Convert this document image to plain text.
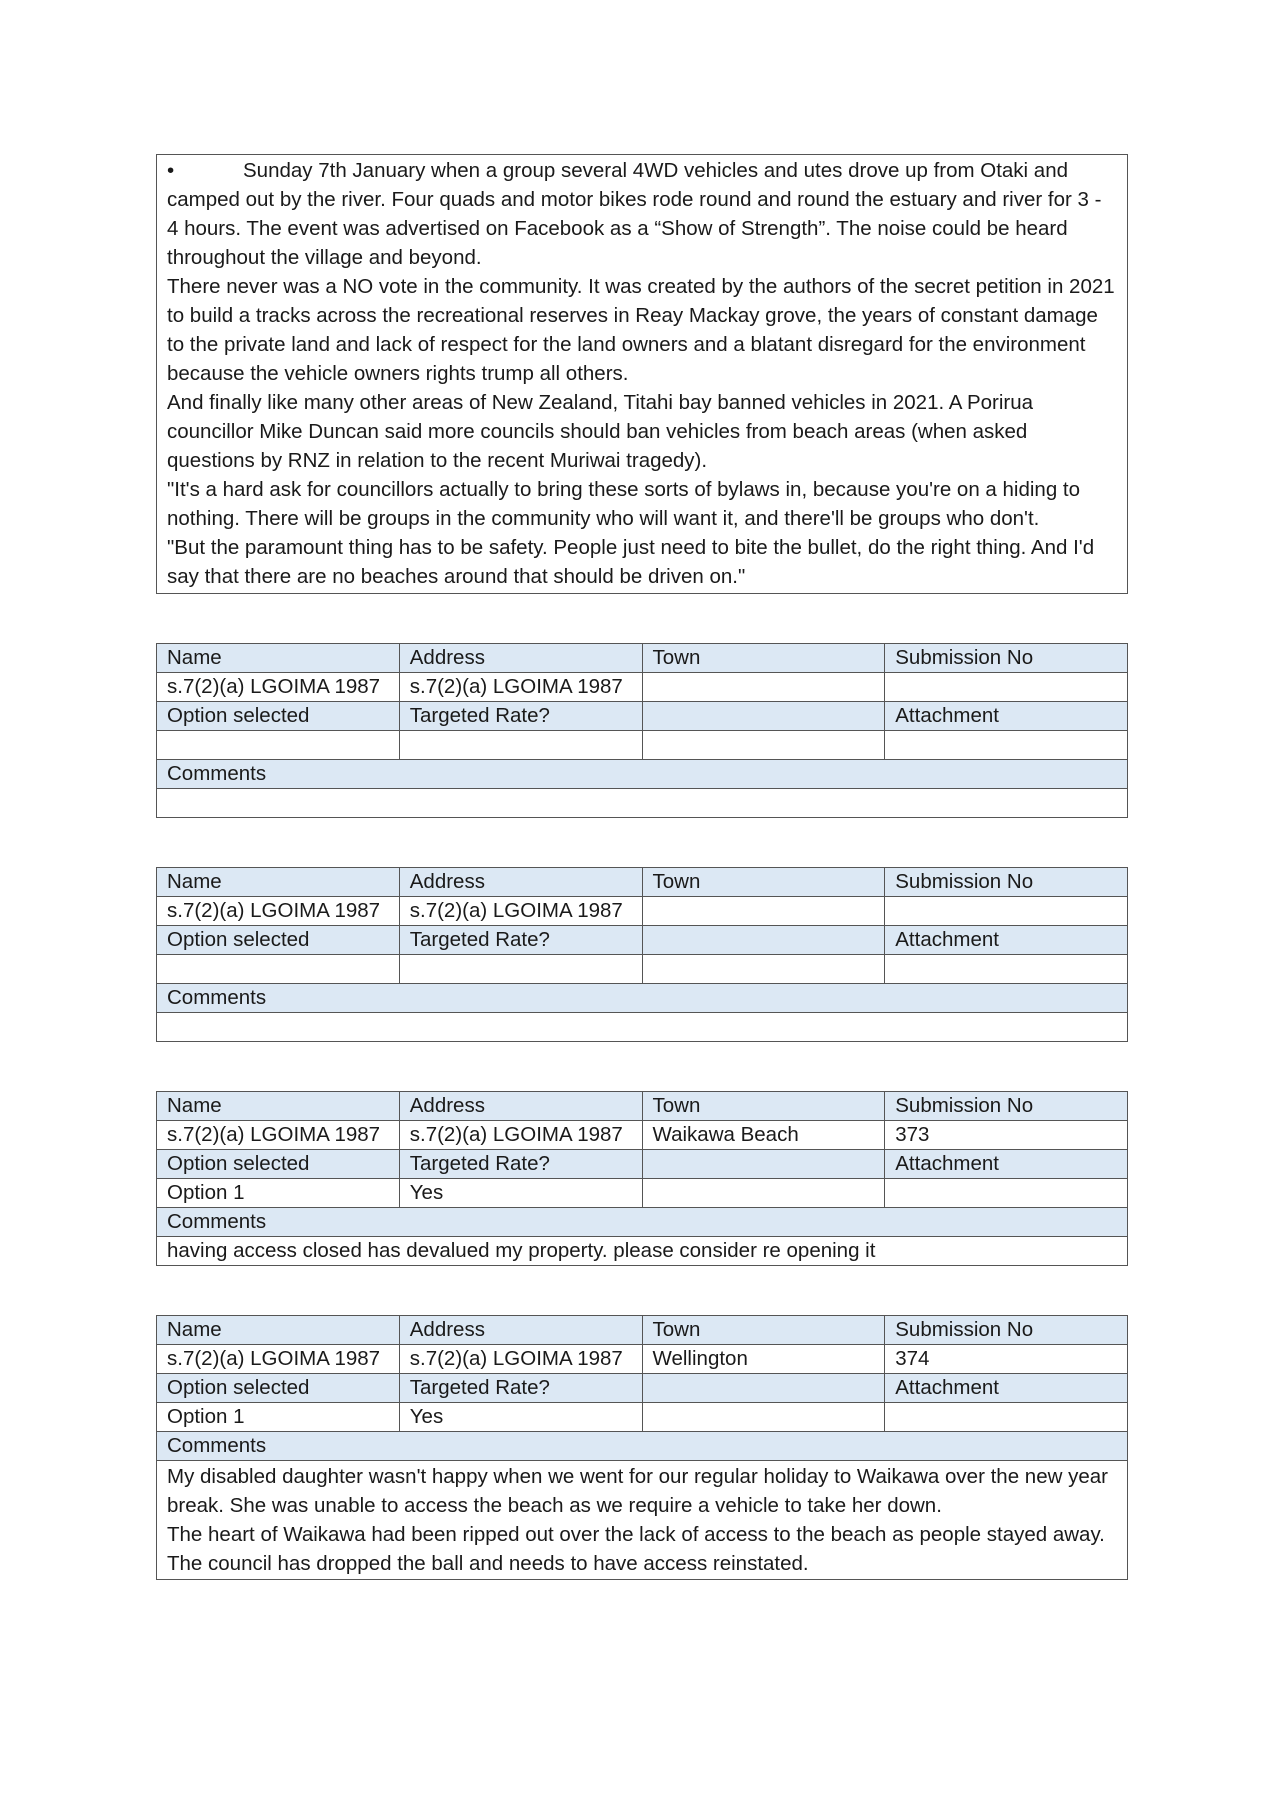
•	Sunday 7th January when a group several 4WD vehicles and utes drove up from Otaki and camped out by the river. Four quads and motor bikes rode round and round the estuary and river for 3 - 4 hours. The event was advertised on Facebook as a “Show of Strength”. The noise could be heard throughout the village and beyond.

There never was a NO vote in the community. It was created by the authors of the secret petition in 2021 to build a tracks across the recreational reserves in Reay Mackay grove, the years of constant damage to the private land and lack of respect for the land owners and a blatant disregard for the environment because the vehicle owners rights trump all others.

And finally like many other areas of New Zealand, Titahi bay banned vehicles in 2021. A Porirua councillor Mike Duncan said more councils should ban vehicles from beach areas (when asked questions by RNZ in relation to the recent Muriwai tragedy).

"It's a hard ask for councillors actually to bring these sorts of bylaws in, because you're on a hiding to nothing. There will be groups in the community who will want it, and there'll be groups who don't.

"But the paramount thing has to be safety. People just need to bite the bullet, do the right thing. And I'd say that there are no beaches around that should be driven on."

Name	Address	Town	Submission No
s.7(2)(a) LGOIMA 1987	s.7(2)(a) LGOIMA 1987		
Option selected	Targeted Rate?		Attachment

Comments			

Name	Address	Town	Submission No
s.7(2)(a) LGOIMA 1987	s.7(2)(a) LGOIMA 1987		
Option selected	Targeted Rate?		Attachment

Comments			

Name	Address	Town	Submission No
s.7(2)(a) LGOIMA 1987	s.7(2)(a) LGOIMA 1987	Waikawa Beach	373
Option selected	Targeted Rate?		Attachment
Option 1	Yes		
Comments			
having access closed has devalued my property. please consider re opening it			
Name	Address	Town	Submission No
s.7(2)(a) LGOIMA 1987	s.7(2)(a) LGOIMA 1987	Wellington	374
Option selected	Targeted Rate?		Attachment
Option 1	Yes		
Comments			
My disabled daughter wasn't happy when we went for our regular holiday to Waikawa over the new year break. She was unable to access the beach as we require a vehicle to take her down.
The heart of Waikawa had been ripped out over the lack of access to the beach as people stayed away.
The council has dropped the ball and needs to have access reinstated.			
